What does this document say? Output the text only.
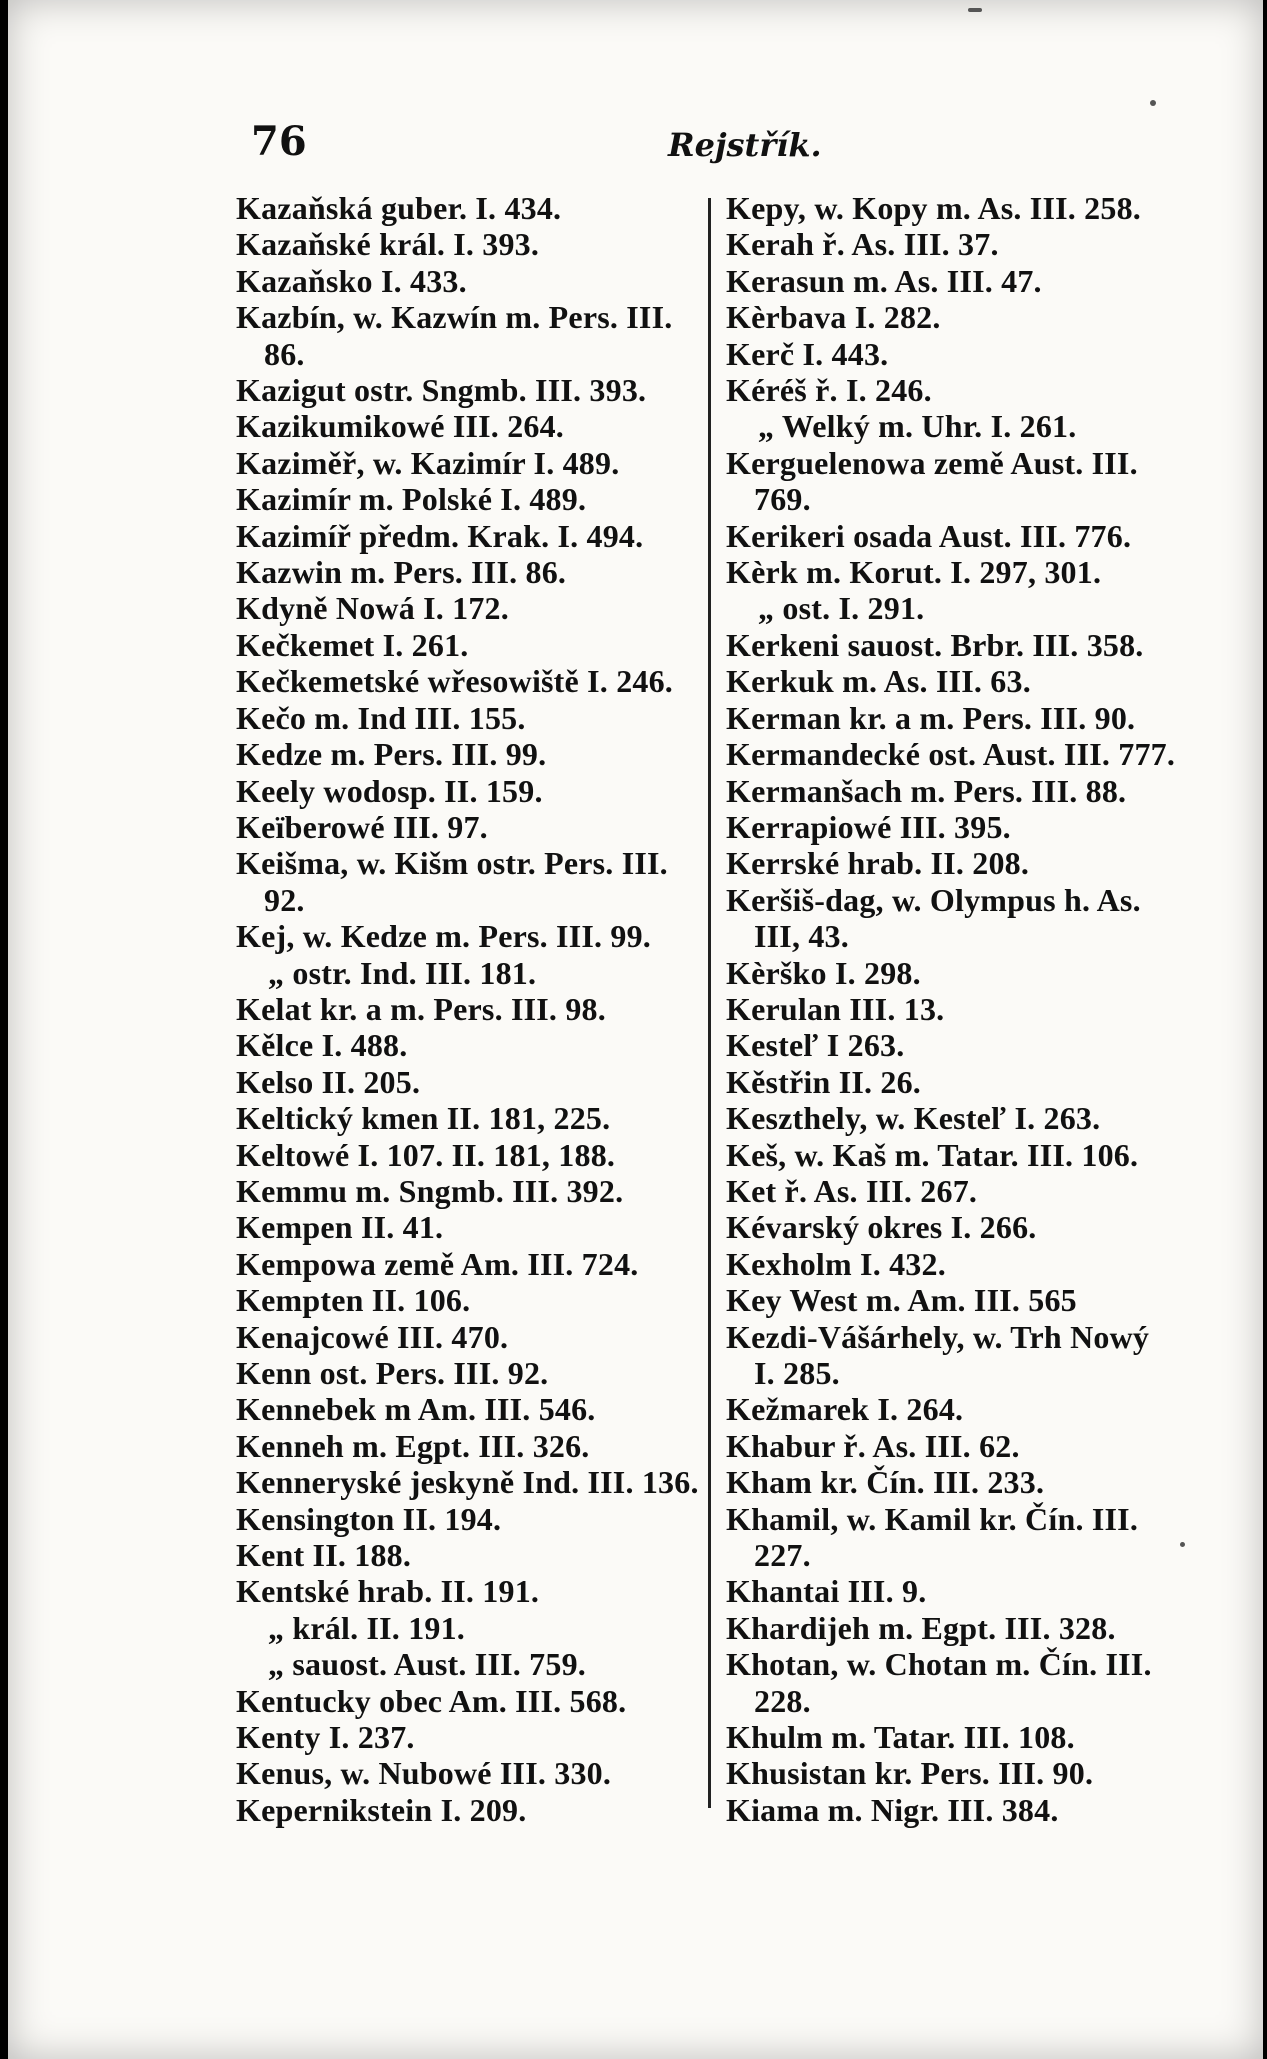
76	Rejstřík.
Kazaňská guber. I. 434.
Kazaňské král. I. 393.
Kazaňsko I. 433.
Kazbín, w. Kazwín m. Pers. III.
86.
Kazigut ostr. Sngmb. III. 393.
Kazikumikowé III. 264.
Kaziměř, w. Kazimír I. 489.
Kazimír m. Polské I. 489.
Kazimíř předm. Krak. I. 494.
Kazwin m. Pers. III. 86.
Kdyně Nowá I. 172.
Kečkemet I. 261.
Kečkemetské wřesowiště I. 246.
Kečo m. Ind III. 155.
Kedze m. Pers. III. 99.
Keely wodosp. II. 159.
Keïberowé III. 97.
Keišma, w. Kišm ostr. Pers. III.
92.
Kej, w. Kedze m. Pers. III. 99.
„ ostr. Ind. III. 181.
Kelat kr. a m. Pers. III. 98.
Kělce I. 488.
Kelso II. 205.
Keltický kmen II. 181, 225.
Keltowé I. 107. II. 181, 188.
Kemmu m. Sngmb. III. 392.
Kempen II. 41.
Kempowa země Am. III. 724.
Kempten II. 106.
Kenajcowé III. 470.
Kenn ost. Pers. III. 92.
Kennebek m Am. III. 546.
Kenneh m. Egpt. III. 326.
Kenneryské jeskyně Ind. III. 136.
Kensington II. 194.
Kent II. 188.
Kentské hrab. II. 191.
„ král. II. 191.
„ sauost. Aust. III. 759.
Kentucky obec Am. III. 568.
Kenty I. 237.
Kenus, w. Nubowé III. 330.
Kepernikstein I. 209.
Kepy, w. Kopy m. As. III. 258.
Kerah ř. As. III. 37.
Kerasun m. As. III. 47.
Kèrbava I. 282.
Kerč I. 443.
Kéréš ř. I. 246.
„ Welký m. Uhr. I. 261.
Kerguelenowa země Aust. III.
769.
Kerikeri osada Aust. III. 776.
Kèrk m. Korut. I. 297, 301.
„ ost. I. 291.
Kerkeni sauost. Brbr. III. 358.
Kerkuk m. As. III. 63.
Kerman kr. a m. Pers. III. 90.
Kermandecké ost. Aust. III. 777.
Kermanšach m. Pers. III. 88.
Kerrapiowé III. 395.
Kerrské hrab. II. 208.
Keršiš-dag, w. Olympus h. As.
III, 43.
Kèrško I. 298.
Kerulan III. 13.
Kesteľ I 263.
Kěstřin II. 26.
Keszthely, w. Kesteľ I. 263.
Keš, w. Kaš m. Tatar. III. 106.
Ket ř. As. III. 267.
Kévarský okres I. 266.
Kexholm I. 432.
Key West m. Am. III. 565
Kezdi-Vášárhely, w. Trh Nowý
I. 285.
Kežmarek I. 264.
Khabur ř. As. III. 62.
Kham kr. Čín. III. 233.
Khamil, w. Kamil kr. Čín. III.
227.
Khantai III. 9.
Khardijeh m. Egpt. III. 328.
Khotan, w. Chotan m. Čín. III.
228.
Khulm m. Tatar. III. 108.
Khusistan kr. Pers. III. 90.
Kiama m. Nigr. III. 384.
